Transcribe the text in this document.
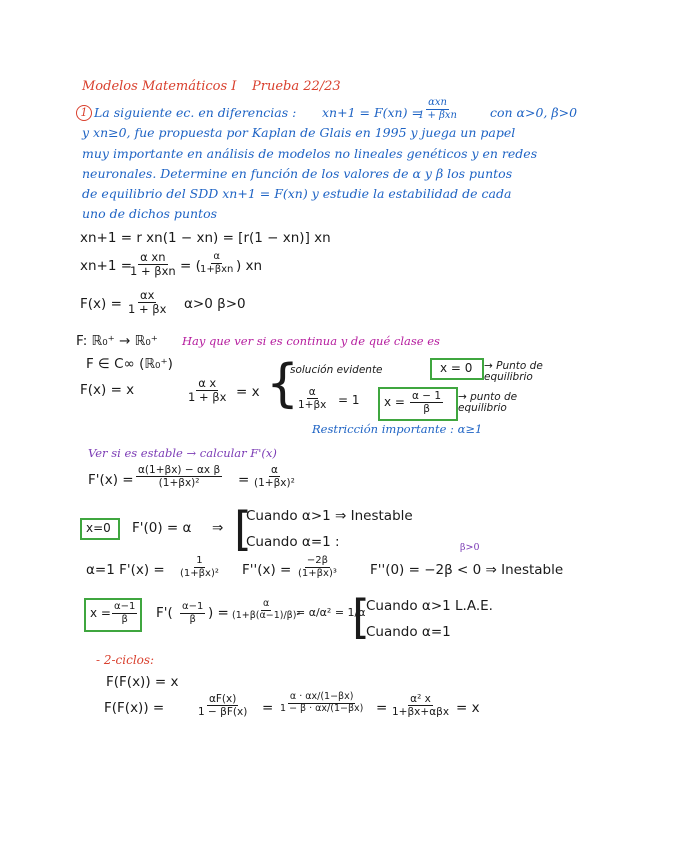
Modelos Matemáticos I Prueba 22/23
1 La siguiente ec. en diferencias : xn+1 = F(xn) =
αxn
1 + βxn	con α>0, β>0
y xn≥0, fue propuesta por Kaplan de Glais en 1995 y juega un papel
muy importante en análisis de modelos no lineales genéticos y en redes
neuronales. Determine en función de los valores de α y β los puntos
de equilibrio del SDD xn+1 = F(xn) y estudie la estabilidad de cada
uno de dichos puntos
xn+1 = r xn(1 − xn) = [r(1 − xn)] xn
xn+1 =
α xn
1 + βxn = (
α
1+βxn ) xn
$F(x) = \frac{\alpha x}{1 + \beta x} \alpha>0$ β>0
F: ℝ₀⁺ → ℝ₀⁺ Hay que ver si es continua y de qué clase es
F ∈ C∞ (ℝ₀⁺)
F(x) = x	$\frac{\text{α x}}{1 + \beta x} = x$ {
solución evidente	x = 0 → Punto de equilibrio
$\frac{\alpha}{1+\beta x} = 1$ $x = \frac{\alpha - 1}{\beta}$ → punto de equilibrio
Restricción importante : α≥1
Ver si es estable → calcular F'(x)
$F'(x) = \frac{\text{α(1+βx) − αx β}}{\text{(1+βx)²}} = \frac{\alpha}{\text{(1+βx)²}}$
x=0 F'(0) = α ⇒ [
Cuando α>1 ⇒ Inestable
Cuando α=1 :
α=1 $F'(x) = \frac{1}{\text{(1+βx)²}} F''(x) = \frac{-2\beta}{\text{(1+βx)³}}$
β>0
F''(0) = −2β < 0 ⇒ Inestable
$x = \frac{\alpha-1}{\beta} F'( \frac{\alpha-1}{\beta}$ ) = $\frac{\alpha}{\text{(1+β(α−1)/β)²}}$
= α/α² = 1/α
[
Cuando α>1 L.A.E.
Cuando α=1
- 2-ciclos:
F(F(x)) = x
F(F(x)) =	$\frac{\alpha F(x)}{1 - \beta F(x)} = \frac{\alpha \cdot \alpha x/(1-\beta x)}{1 - \beta \cdot \alpha x/(1-\beta x)}$ =
α² x
1+βx+αβx = x
